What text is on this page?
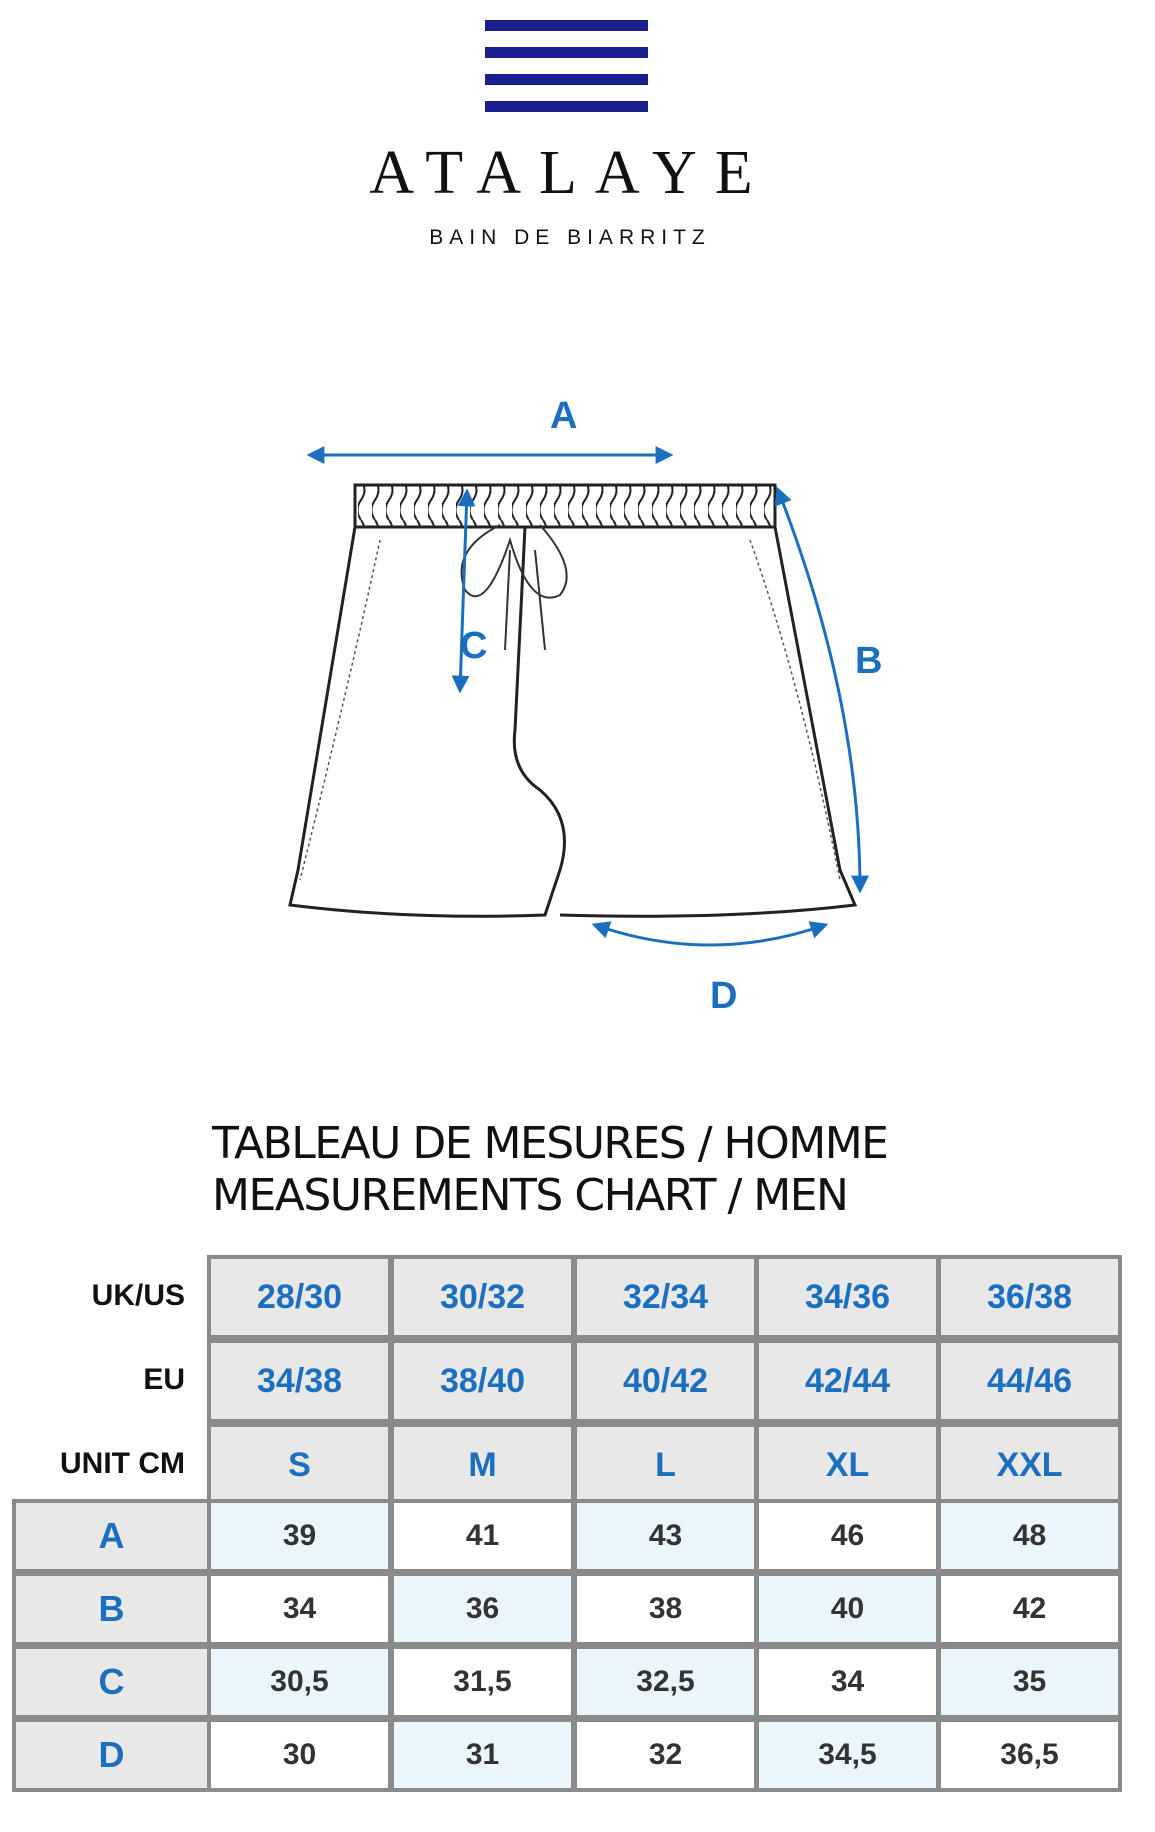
ATALAYE
BAIN DE BIARRITZ
A
B
C
D
TABLEAU DE MESURES / HOMME
MEASUREMENTS CHART / MEN
UK/US	28/30	30/32	32/34	34/36	36/38
EU	34/38	38/40	40/42	42/44	44/46
UNIT CM	S	M	L	XL	XXL
A	39	41	43	46	48
B	34	36	38	40	42
C	30,5	31,5	32,5	34	35
D	30	31	32	34,5	36,5
